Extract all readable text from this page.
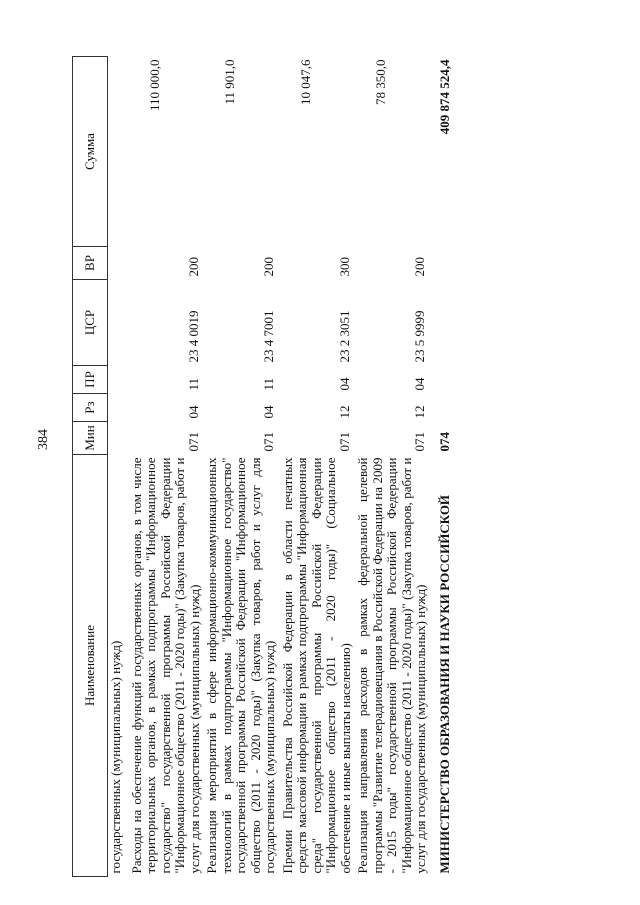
384
Наименование	Мин	Рз	ПР	ЦСР	ВР	Сумма
государственных (муниципальных) нужд)						
Расходы на обеспечение функций государственных органов, в том числе территориальных органов, в рамках подпрограммы "Информационное государство" государственной программы Российской Федерации "Информационное общество (2011 - 2020 годы)" (Закупка товаров, работ и услуг для государственных (муниципальных) нужд)	071	04	11	23 4 0019	200	110 000,0
Реализация мероприятий в сфере информационно-коммуникационных технологий в рамках подпрограммы "Информационное государство" государственной программы Российской Федерации "Информационное общество (2011 - 2020 годы)" (Закупка товаров, работ и услуг для государственных (муниципальных) нужд)	071	04	11	23 4 7001	200	11 901,0
Премии Правительства Российской Федерации в области печатных средств массовой информации в рамках подпрограммы "Информационная среда" государственной программы Российской Федерации "Информационное общество (2011 - 2020 годы)" (Социальное обеспечение и иные выплаты населению)	071	12	04	23 2 3051	300	10 047,6
Реализация направления расходов в рамках федеральной целевой программы "Развитие телерадиовещания в Российской Федерации на 2009 - 2015 годы" государственной программы Российской Федерации "Информационное общество (2011 - 2020 годы)" (Закупка товаров, работ и услуг для государственных (муниципальных) нужд)	071	12	04	23 5 9999	200	78 350,0
МИНИСТЕРСТВО ОБРАЗОВАНИЯ И НАУКИ РОССИЙСКОЙ	074					409 874 524,4
